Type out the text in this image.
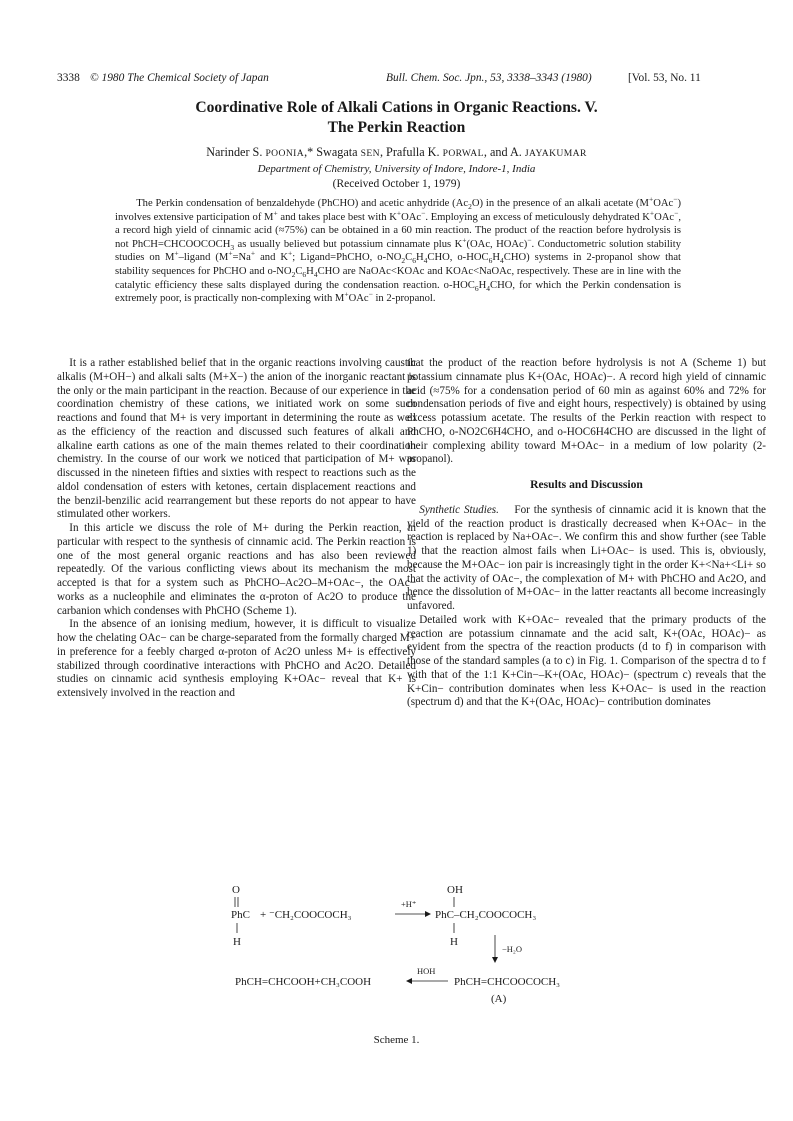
3338 © 1980 The Chemical Society of Japan	Bull. Chem. Soc. Jpn., 53, 3338–3343 (1980)	[Vol. 53, No. 11
Coordinative Role of Alkali Cations in Organic Reactions. V.
The Perkin Reaction
Narinder S. POONIA,* Swagata SEN, Prafulla K. PORWAL, and A. JAYAKUMAR
Department of Chemistry, University of Indore, Indore-1, India
(Received October 1, 1979)
The Perkin condensation of benzaldehyde (PhCHO) and acetic anhydride $(Ac_2O)$ in the presence of an alkali acetate (M+OAc−) involves extensive participation of M+ and takes place best with K+OAc−. Employing an excess of meticulously dehydrated K+OAc−, a record high yield of cinnamic acid (≈75%) can be obtained in a 60 min reaction. The product of the reaction before hydrolysis is not $PhCH=CHCOOCOCH_3$ as usually believed but potassium cinnamate plus K+(OAc, HOAc)−. Conductometric solution stability studies on M+–ligand (M+=Na+ and K+; Ligand=PhCHO, $o-NO_2C_6H_4CHO$, $o-HOC_6H_4CHO$) systems in 2-propanol show that stability sequences for PhCHO and $o-NO_2C_6H_4CHO$ are NaOAc<KOAc and KOAc<NaOAc, respectively. These are in line with the catalytic efficiency these salts displayed during the condensation reaction. $o-HOC_6H_4CHO$, for which the Perkin condensation is extremely poor, is practically non-complexing with M+OAc− in 2-propanol.

It is a rather established belief that in the organic reactions involving caustic alkalis (M+OH−) and alkali salts (M+X−) the anion of the inorganic reactant is the only or the main participant in the reaction. Because of our experience in the coordination chemistry of these cations, we initiated work on some such reactions and found that M+ is very important in determining the route as well as the efficiency of the reaction and discussed such features of alkali and alkaline earth cations as one of the main themes related to their coordination chemistry. In the course of our work we noticed that participation of M+ was discussed in the nineteen fifties and sixties with respect to reactions such as the aldol condensation of esters with ketones, certain displacement reactions and the benzil-benzilic acid rearrangement but these reports do not appear to have stimulated other workers.

In this article we discuss the role of M+ during the Perkin reaction, in particular with respect to the synthesis of cinnamic acid. The Perkin reaction is one of the most general organic reactions and has also been reviewed repeatedly. Of the various conflicting views about its mechanism the most accepted is that for a system such as PhCHO–Ac2O–M+OAc−, the OAc− works as a nucleophile and eliminates the α-proton of Ac2O to produce the carbanion which condenses with PhCHO (Scheme 1).

In the absence of an ionising medium, however, it is difficult to visualize how the chelating OAc− can be charge-separated from the formally charged M+ in preference for a feebly charged α-proton of Ac2O unless M+ is effectively stabilized through coordinative interactions with PhCHO and Ac2O. Detailed studies on cinnamic acid synthesis employing K+OAc− reveal that K+ is extensively involved in the reaction and

that the product of the reaction before hydrolysis is not A (Scheme 1) but potassium cinnamate plus K+(OAc, HOAc)−. A record high yield of cinnamic acid (≈75% for a condensation period of 60 min as against 60% and 72% for condensation periods of five and eight hours, respectively) is obtained by using excess potassium acetate. The results of the Perkin reaction with respect to PhCHO, o-NO2C6H4CHO, and o-HOC6H4CHO are discussed in the light of their complexing ability toward M+OAc− in a medium of low polarity (2-propanol).

Results and Discussion

Synthetic Studies. For the synthesis of cinnamic acid it is known that the yield of the reaction product is drastically decreased when K+OAc− in the reaction is replaced by Na+OAc−. We confirm this and show further (see Table 1) that the reaction almost fails when Li+OAc− is used. This is, obviously, because the M+OAc− ion pair is increasingly tight in the order K+<Na+<Li+ so that the activity of OAc−, the complexation of M+ with PhCHO and Ac2O, and hence the dissolution of M+OAc− in the latter reactants all become increasingly unfavored.

Detailed work with K+OAc− revealed that the primary products of the reaction are potassium cinnamate and the acid salt, K+(OAc, HOAc)− as evident from the spectra of the reaction products (d to f) in comparison with those of the standard samples (a to c) in Fig. 1. Comparison of the spectra d to f with that of the 1:1 K+Cin−–K+(OAc, HOAc)− (spectrum c) reveals that the K+Cin− contribution dominates when less K+OAc− is used in the reaction (spectrum d) and that the K+(OAc, HOAc)− contribution dominates

O
PhC
H
+ ⁻CH₂COOCOCH₃
+H⁺
OH
PhC–CH₂COOCOCH₃
H
−H₂O
PhCH=CHCOOH+CH₃COOH
HOH
PhCH=CHCOOCOCH₃
(A)
Scheme 1.
